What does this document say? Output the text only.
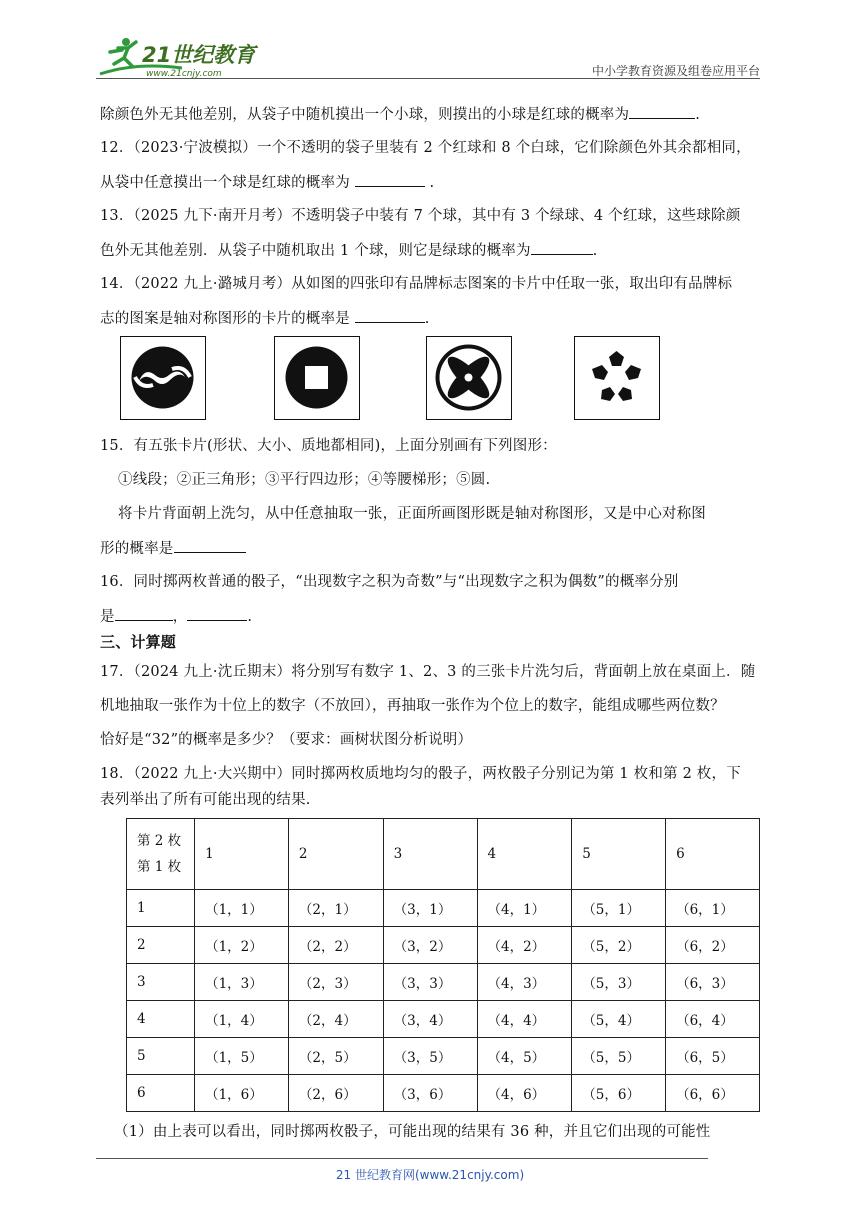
21世纪教育
www.21cnjy.com	中小学教育资源及组卷应用平台
除颜色外无其他差别，从袋子中随机摸出一个小球，则摸出的小球是红球的概率为	.
12．（2023·宁波模拟）一个不透明的袋子里装有 2 个红球和 8 个白球，它们除颜色外其余都相同，
从袋中任意摸出一个球是红球的概率为	.
13．（2025 九下·南开月考）不透明袋子中装有 7 个球，其中有 3 个绿球、4 个红球，这些球除颜
色外无其他差别．从袋子中随机取出 1 个球，则它是绿球的概率为	.
14．（2022 九上·潞城月考）从如图的四张印有品牌标志图案的卡片中任取一张，取出印有品牌标
志的图案是轴对称图形的卡片的概率是	.
15．有五张卡片(形状、大小、质地都相同)，上面分别画有下列图形：
①线段；②正三角形；③平行四边形；④等腰梯形；⑤圆.
将卡片背面朝上洗匀，从中任意抽取一张，正面所画图形既是轴对称图形，又是中心对称图
形的概率是
16．同时掷两枚普通的骰子，“出现数字之积为奇数”与“出现数字之积为偶数”的概率分别
是	，	.
三、计算题
17．（2024 九上·沈丘期末）将分别写有数字 1、2、3 的三张卡片洗匀后，背面朝上放在桌面上．随
机地抽取一张作为十位上的数字（不放回），再抽取一张作为个位上的数字，能组成哪些两位数？
恰好是“32”的概率是多少？（要求：画树状图分析说明）
18．（2022 九上·大兴期中）同时掷两枚质地均匀的骰子，两枚骰子分别记为第 1 枚和第 2 枚，下
表列举出了所有可能出现的结果.
第 2 枚
第 1 枚	1	2	3	4	5	6
1	（1，1）	（2，1）	（3，1）	（4，1）	（5，1）	（6，1）
2	（1，2）	（2，2）	（3，2）	（4，2）	（5，2）	（6，2）
3	（1，3）	（2，3）	（3，3）	（4，3）	（5，3）	（6，3）
4	（1，4）	（2，4）	（3，4）	（4，4）	（5，4）	（6，4）
5	（1，5）	（2，5）	（3，5）	（4，5）	（5，5）	（6，5）
6	（1，6）	（2，6）	（3，6）	（4，6）	（5，6）	（6，6）
（1）由上表可以看出，同时掷两枚骰子，可能出现的结果有 36 种，并且它们出现的可能性
21 世纪教育网(www.21cnjy.com)
